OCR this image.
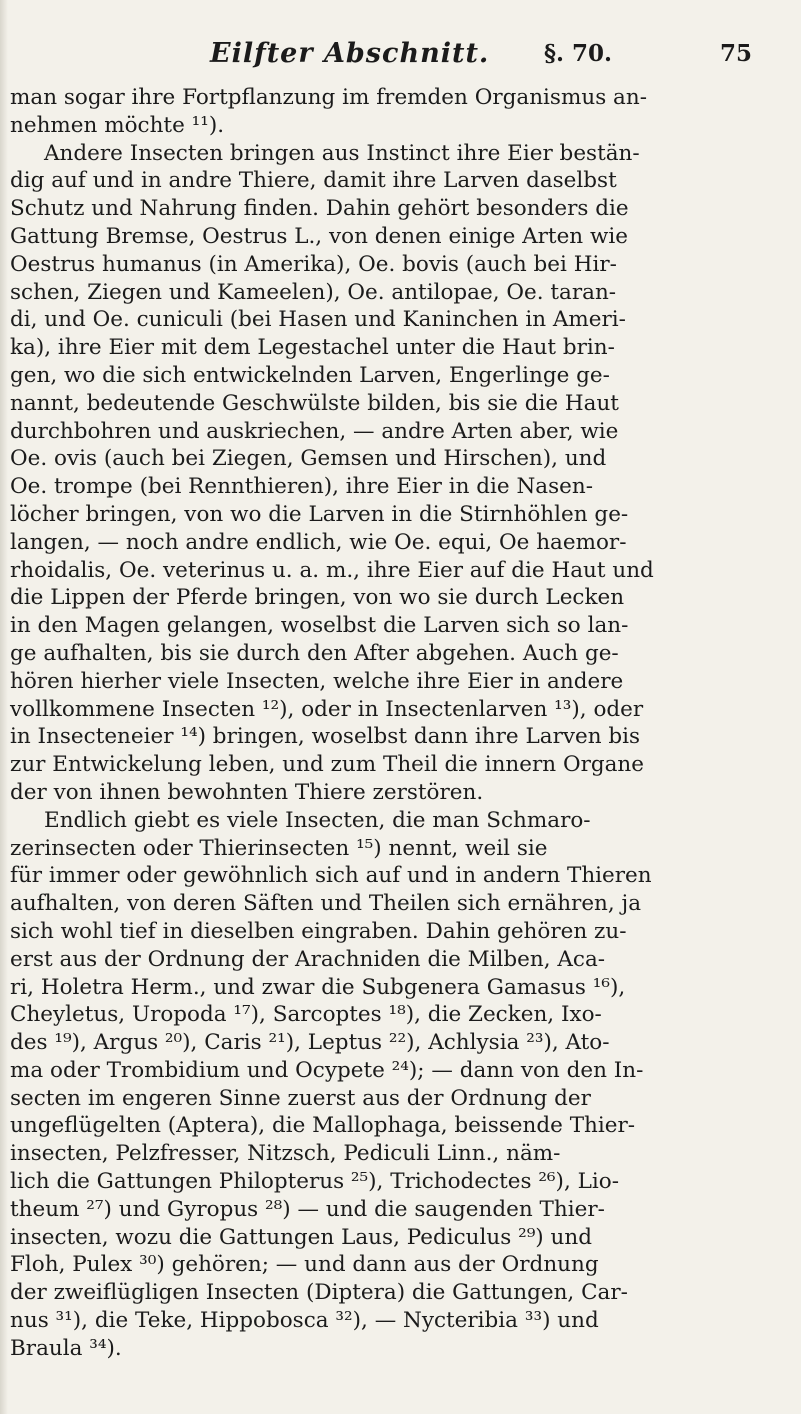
Eilfter Abschnitt. §. 70.	75
man sogar ihre Fortpflanzung im fremden Organismus an-
nehmen möchte ¹¹).
Andere Insecten bringen aus Instinct ihre Eier bestän-
dig auf und in andre Thiere, damit ihre Larven daselbst
Schutz und Nahrung finden. Dahin gehört besonders die
Gattung Bremse, Oestrus L., von denen einige Arten wie
Oestrus humanus (in Amerika), Oe. bovis (auch bei Hir-
schen, Ziegen und Kameelen), Oe. antilopae, Oe. taran-
di, und Oe. cuniculi (bei Hasen und Kaninchen in Ameri-
ka), ihre Eier mit dem Legestachel unter die Haut brin-
gen, wo die sich entwickelnden Larven, Engerlinge ge-
nannt, bedeutende Geschwülste bilden, bis sie die Haut
durchbohren und auskriechen, — andre Arten aber, wie
Oe. ovis (auch bei Ziegen, Gemsen und Hirschen), und
Oe. trompe (bei Rennthieren), ihre Eier in die Nasen-
löcher bringen, von wo die Larven in die Stirnhöhlen ge-
langen, — noch andre endlich, wie Oe. equi, Oe haemor-
rhoidalis, Oe. veterinus u. a. m., ihre Eier auf die Haut und
die Lippen der Pferde bringen, von wo sie durch Lecken
in den Magen gelangen, woselbst die Larven sich so lan-
ge aufhalten, bis sie durch den After abgehen. Auch ge-
hören hierher viele Insecten, welche ihre Eier in andere
vollkommene Insecten ¹²), oder in Insectenlarven ¹³), oder
in Insecteneier ¹⁴) bringen, woselbst dann ihre Larven bis
zur Entwickelung leben, und zum Theil die innern Organe
der von ihnen bewohnten Thiere zerstören.
Endlich giebt es viele Insecten, die man Schmaro-
zerinsecten oder Thierinsecten ¹⁵) nennt, weil sie
für immer oder gewöhnlich sich auf und in andern Thieren
aufhalten, von deren Säften und Theilen sich ernähren, ja
sich wohl tief in dieselben eingraben. Dahin gehören zu-
erst aus der Ordnung der Arachniden die Milben, Aca-
ri, Holetra Herm., und zwar die Subgenera Gamasus ¹⁶),
Cheyletus, Uropoda ¹⁷), Sarcoptes ¹⁸), die Zecken, Ixo-
des ¹⁹), Argus ²⁰), Caris ²¹), Leptus ²²), Achlysia ²³), Ato-
ma oder Trombidium und Ocypete ²⁴); — dann von den In-
secten im engeren Sinne zuerst aus der Ordnung der
ungeflügelten (Aptera), die Mallophaga, beissende Thier-
insecten, Pelzfresser, Nitzsch, Pediculi Linn., näm-
lich die Gattungen Philopterus ²⁵), Trichodectes ²⁶), Lio-
theum ²⁷) und Gyropus ²⁸) — und die saugenden Thier-
insecten, wozu die Gattungen Laus, Pediculus ²⁹) und
Floh, Pulex ³⁰) gehören; — und dann aus der Ordnung
der zweiflügligen Insecten (Diptera) die Gattungen, Car-
nus ³¹), die Teke, Hippobosca ³²), — Nycteribia ³³) und
Braula ³⁴).
